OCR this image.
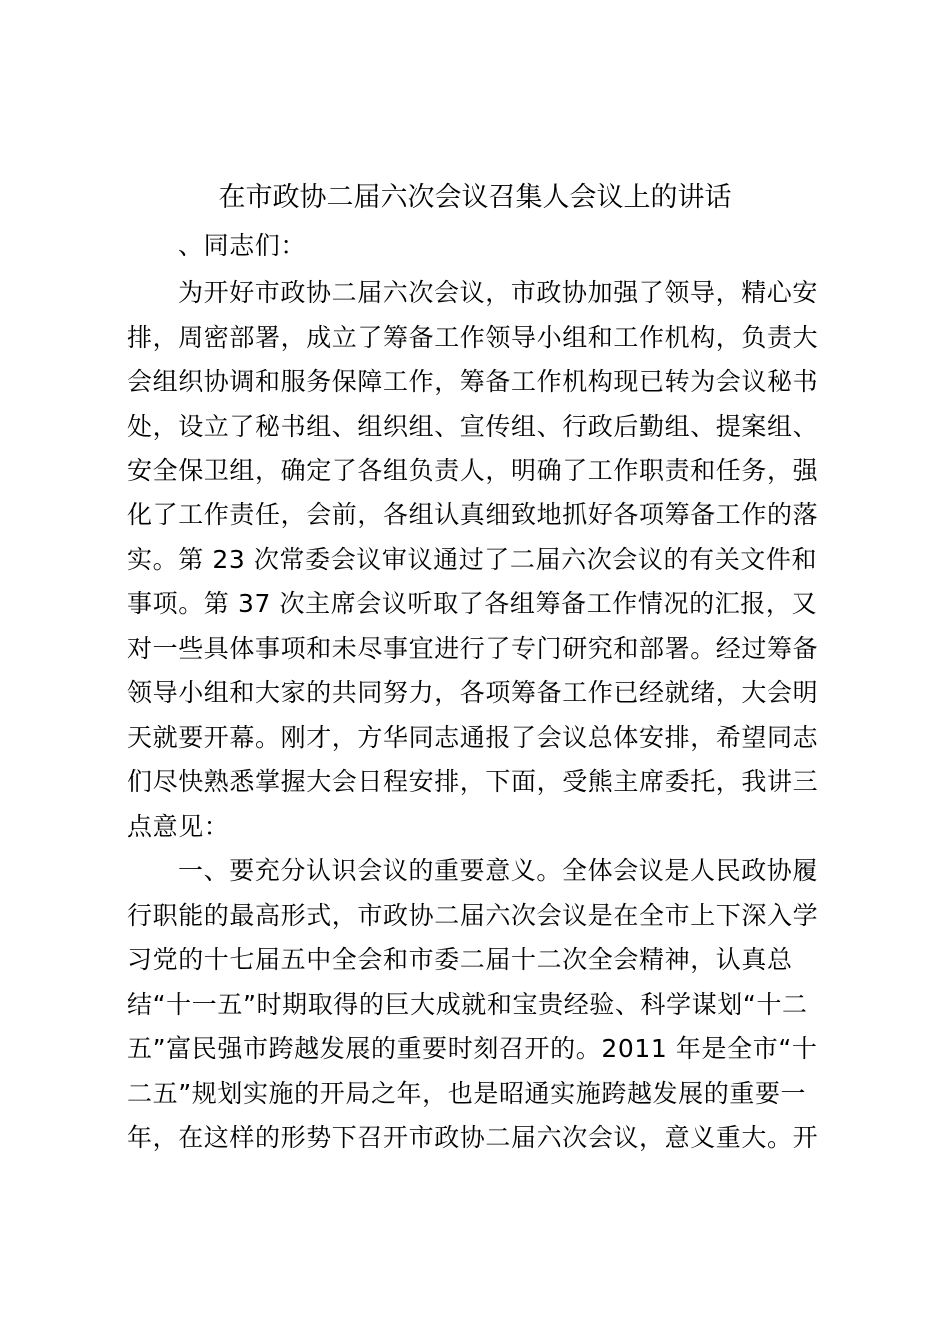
在市政协二届六次会议召集人会议上的讲话
、同志们：
为开好市政协二届六次会议，市政协加强了领导，精心安
排，周密部署，成立了筹备工作领导小组和工作机构，负责大
会组织协调和服务保障工作，筹备工作机构现已转为会议秘书
处，设立了秘书组、组织组、宣传组、行政后勤组、提案组、
安全保卫组，确定了各组负责人，明确了工作职责和任务，强
化了工作责任，会前，各组认真细致地抓好各项筹备工作的落
实。第 23 次常委会议审议通过了二届六次会议的有关文件和
事项。第 37 次主席会议听取了各组筹备工作情况的汇报，又
对一些具体事项和未尽事宜进行了专门研究和部署。经过筹备
领导小组和大家的共同努力，各项筹备工作已经就绪，大会明
天就要开幕。刚才，方华同志通报了会议总体安排，希望同志
们尽快熟悉掌握大会日程安排，下面，受熊主席委托，我讲三
点意见：
一、要充分认识会议的重要意义。全体会议是人民政协履
行职能的最高形式，市政协二届六次会议是在全市上下深入学
习党的十七届五中全会和市委二届十二次全会精神，认真总
结“十一五”时期取得的巨大成就和宝贵经验、科学谋划“十二
五”富民强市跨越发展的重要时刻召开的。2011 年是全市“十
二五”规划实施的开局之年，也是昭通实施跨越发展的重要一
年，在这样的形势下召开市政协二届六次会议，意义重大。开
